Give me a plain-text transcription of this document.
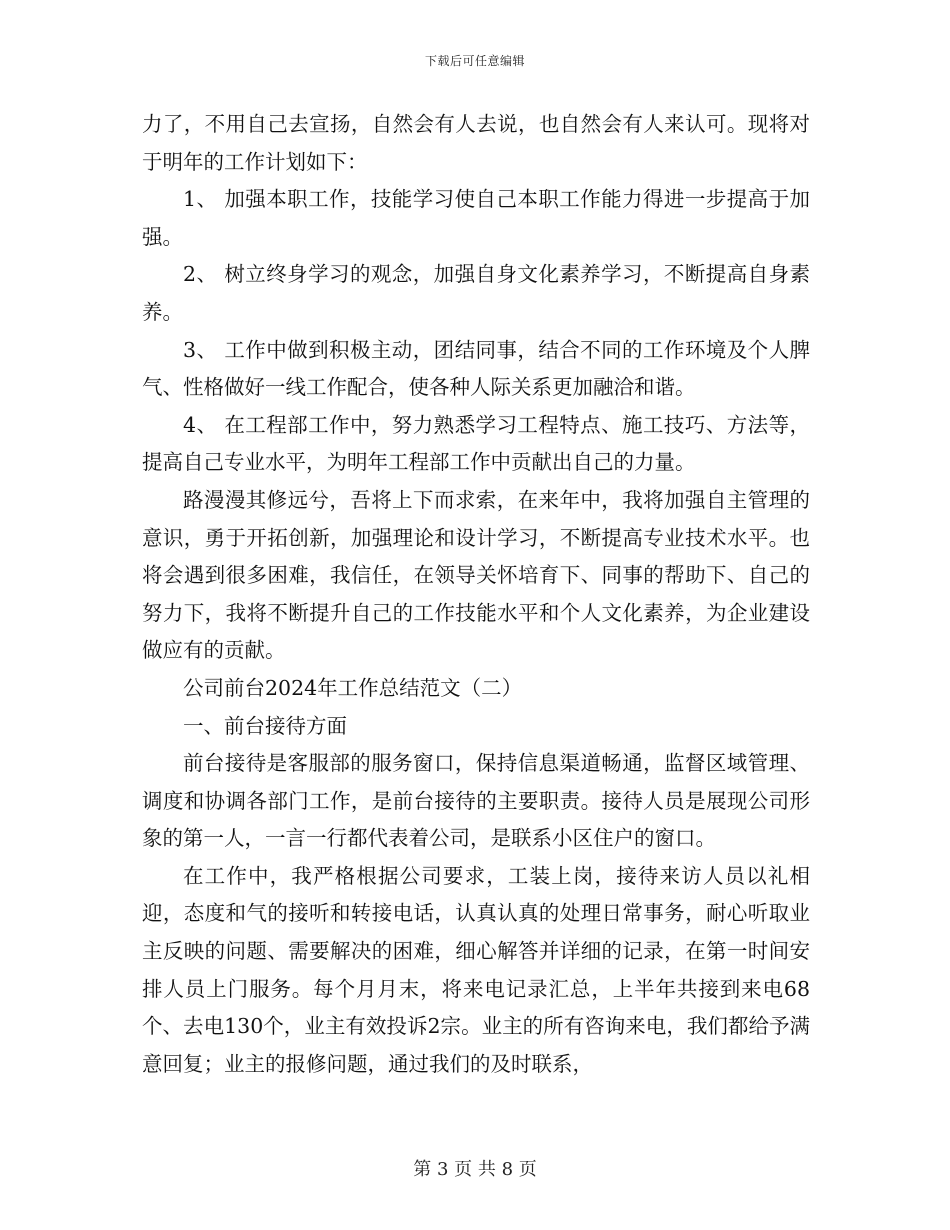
下载后可任意编辑

力了，不用自己去宣扬，自然会有人去说，也自然会有人来认可。现将对于明年的工作计划如下：

1、 加强本职工作，技能学习使自己本职工作能力得进一步提高于加强。

2、 树立终身学习的观念，加强自身文化素养学习，不断提高自身素养。

3、 工作中做到积极主动，团结同事，结合不同的工作环境及个人脾气、性格做好一线工作配合，使各种人际关系更加融洽和谐。

4、 在工程部工作中，努力熟悉学习工程特点、施工技巧、方法等，提高自己专业水平，为明年工程部工作中贡献出自己的力量。

路漫漫其修远兮，吾将上下而求索，在来年中，我将加强自主管理的意识，勇于开拓创新，加强理论和设计学习，不断提高专业技术水平。也将会遇到很多困难，我信任，在领导关怀培育下、同事的帮助下、自己的努力下，我将不断提升自己的工作技能水平和个人文化素养，为企业建设做应有的贡献。

公司前台2024年工作总结范文（二）

一、前台接待方面

前台接待是客服部的服务窗口，保持信息渠道畅通，监督区域管理、调度和协调各部门工作，是前台接待的主要职责。接待人员是展现公司形象的第一人，一言一行都代表着公司，是联系小区住户的窗口。

在工作中，我严格根据公司要求，工装上岗，接待来访人员以礼相迎，态度和气的接听和转接电话，认真认真的处理日常事务，耐心听取业主反映的问题、需要解决的困难，细心解答并详细的记录，在第一时间安排人员上门服务。每个月月末，将来电记录汇总，上半年共接到来电68个、去电130个，业主有效投诉2宗。业主的所有咨询来电，我们都给予满意回复；业主的报修问题，通过我们的及时联系，

第 3 页 共 8 页
